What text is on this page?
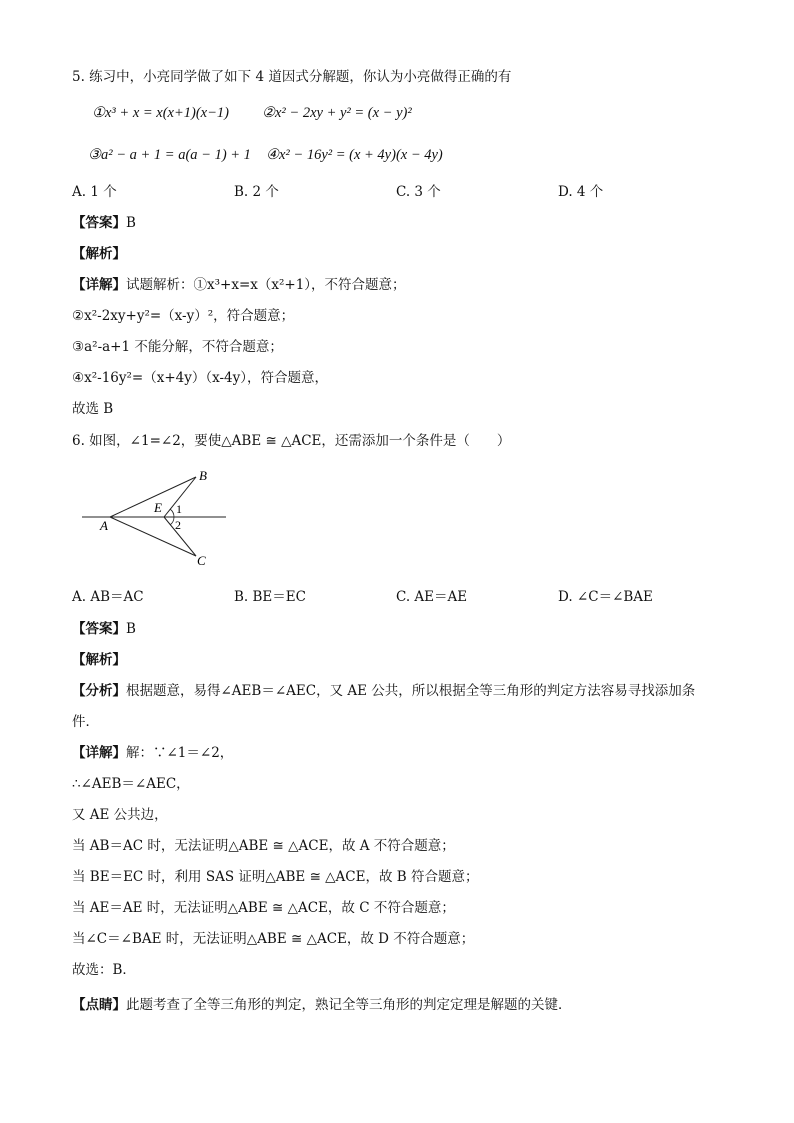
5. 练习中，小亮同学做了如下 4 道因式分解题，你认为小亮做得正确的有
①x³ + x = x(x+1)(x−1) ②x² − 2xy + y² = (x − y)²
③a² − a + 1 = a(a − 1) + 1 ④x² − 16y² = (x + 4y)(x − 4y)
A. 1 个	B. 2 个	C. 3 个	D. 4 个
【答案】B
【解析】
【详解】试题解析：①x³+x=x（x²+1），不符合题意；
②x²-2xy+y²=（x-y）²，符合题意；
③a²-a+1 不能分解，不符合题意；
④x²-16y²=（x+4y）（x-4y），符合题意，
故选 B
6. 如图，∠1=∠2，要使△ABE ≅ △ACE，还需添加一个条件是（　　）
B
C
A
E 1
2
A. AB＝AC	B. BE＝EC	C. AE＝AE	D. ∠C＝∠BAE
【答案】B
【解析】
【分析】根据题意，易得∠AEB＝∠AEC，又 AE 公共，所以根据全等三角形的判定方法容易寻找添加条
件．
【详解】解：∵∠1＝∠2，
∴∠AEB＝∠AEC，
又 AE 公共边，
当 AB＝AC 时，无法证明△ABE ≅ △ACE，故 A 不符合题意；
当 BE＝EC 时，利用 SAS 证明△ABE ≅ △ACE，故 B 符合题意；
当 AE＝AE 时，无法证明△ABE ≅ △ACE，故 C 不符合题意；
当∠C＝∠BAE 时，无法证明△ABE ≅ △ACE，故 D 不符合题意；
故选：B．
【点睛】此题考查了全等三角形的判定，熟记全等三角形的判定定理是解题的关键．
